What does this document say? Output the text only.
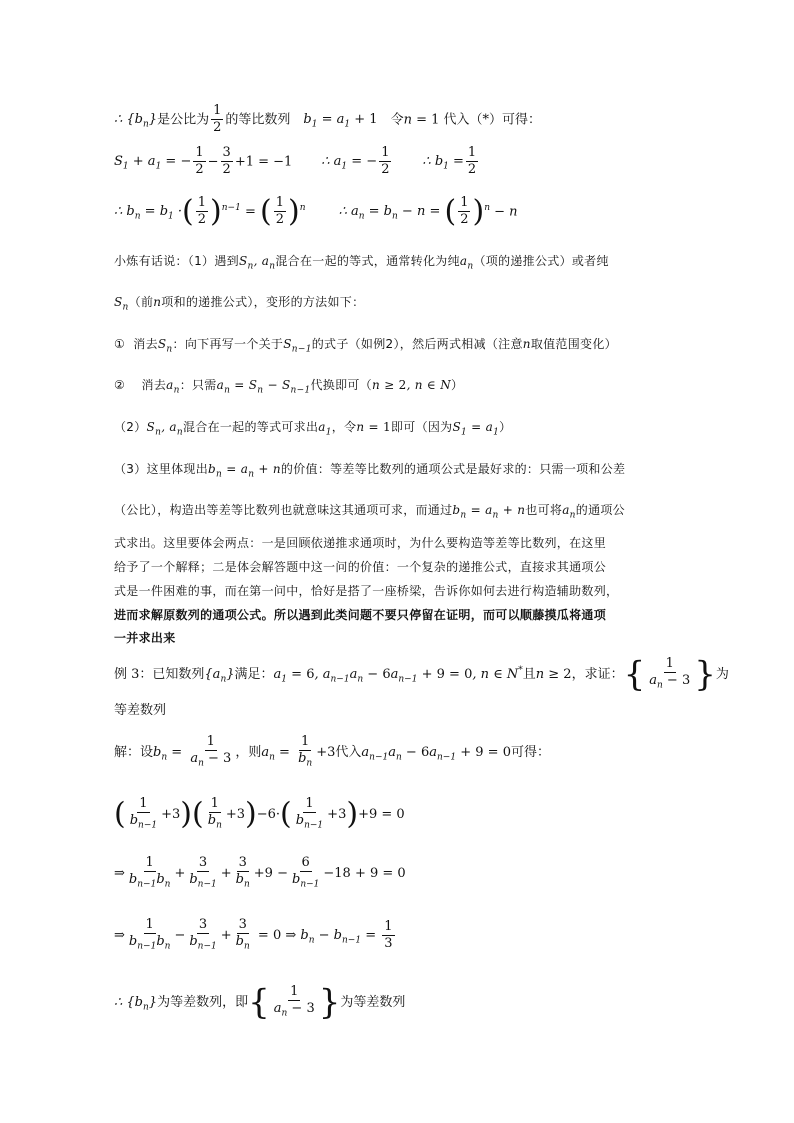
∴ $\{b_n\}$是公比为 $\frac{1}{2}$ 的等比数列　$b_1 = a_1 + 1$　令n = 1 代入（*）可得：
$S_1 + a_1$ = − $\frac{1}{2} - \frac{3}{2} +1 = -1$ ∴ $a_1$ = − $\frac{1}{2}$ ∴ $b_1 = \frac{1}{2}$
∴ $b_n = b_1$ ·( $\frac{1}{2} )^{n-1}$ = ( $\frac{1}{2} )^n$	∴ $a_n = b_n - n$ = ( $\frac{1}{2} )^n - n$
小炼有话说：（1）遇到$S_n$, $a_n$混合在一起的等式，通常转化为纯$a_n$（项的递推公式）或者纯
$S_n$（前n项和的递推公式），变形的方法如下：
①  消去$S_n$：向下再写一个关于$S_{n-1}$的式子（如例2），然后两式相减（注意n取值范围变化）
②    消去$a_n$：只需$a_n = S_n - S_{n-1}$代换即可（n ≥ 2, n ∈ N）
$(2)S_n$, $a_n$混合在一起的等式可求出$a_1$，令n = 1即可（因为$S_1 = a_1$）
（3）这里体现出$b_n = a_n + n$的价值：等差等比数列的通项公式是最好求的：只需一项和公差
（公比），构造出等差等比数列也就意味这其通项可求，而通过$b_n = a_n + n$也可将$a_n$的通项公
式求出。这里要体会两点：一是回顾依递推求通项时，为什么要构造等差等比数列，在这里
给予了一个解释；二是体会解答题中这一问的价值：一个复杂的递推公式，直接求其通项公
式是一件困难的事，而在第一问中，恰好是搭了一座桥梁，告诉你如何去进行构造辅助数列，
进而求解原数列的通项公式。所以遇到此类问题不要只停留在证明，而可以顺藤摸瓜将通项
一并求出来
例 3：已知数列$\{a_n\}$满足：$a_1 = 6$, $a_{n-1}a_n - 6a_{n-1} + 9 = 0$, n ∈ N*且n ≥ 2，求证：{ $\frac{1}{a_n - 3}$ }为
等差数列
解：设$b_n = \frac{1}{a_n - 3}$ ，则$a_n = \frac{1}{b_n} +3$代入$a_{n-1}a_n - 6a_{n-1} + 9 = 0$可得：
( $\frac{1}{b_{n-1}} +3)( \frac{1}{b_n} +3)-6\cdot( \frac{1}{b_{n-1}} +3)+9 = 0$
⇒ $\frac{1}{b_{n-1}b_n} + \frac{3}{b_{n-1}} + \frac{3}{b_n} +9 - \frac{6}{b_{n-1}} -18 + 9 = 0$
⇒ $\frac{1}{b_{n-1}b_n} - \frac{3}{b_{n-1}} + \frac{3}{b_n} = 0$ ⇒ $b_n - b_{n-1} = \frac{1}{3}$
∴ $\{b_n\}$为等差数列，即{ $\frac{1}{a_n - 3}$ }为等差数列
